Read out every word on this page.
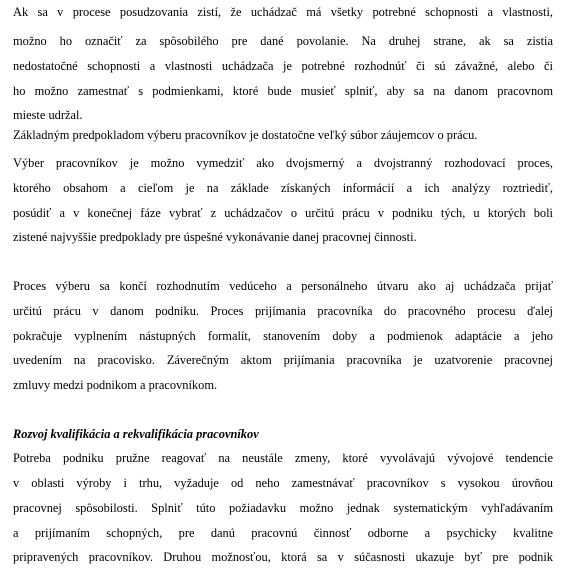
Ak sa v procese posudzovania zistí, že uchádzač má všetky potrebné schopnosti a vlastnosti,
možno ho označiť za spôsobilého pre dané povolanie. Na druhej strane, ak sa zistia
nedostatočné schopnosti a vlastnosti uchádzača je potrebné rozhodnúť či sú závažné, alebo či
ho možno zamestnať s podmienkami, ktoré bude musieť splniť, aby sa na danom pracovnom
mieste udržal.
Základným predpokladom výberu pracovníkov je dostatočne veľký súbor záujemcov o prácu.
Výber pracovníkov je možno vymedziť ako dvojsmerný a dvojstranný rozhodovací proces,
ktorého obsahom a cieľom je na základe získaných informácií a ich analýzy roztriediť,
posúdiť a v konečnej fáze vybrať z uchádzačov o určitú prácu v podniku tých, u ktorých boli
zistené najvyššie predpoklady pre úspešné vykonávanie danej pracovnej činnosti.
Proces výberu sa končí rozhodnutím vedúceho a personálneho útvaru ako aj uchádzača prijať
určitú prácu v danom podniku. Proces prijímania pracovníka do pracovného procesu ďalej
pokračuje vyplnením nástupných formalít, stanovením doby a podmienok adaptácie a jeho
uvedením na pracovisko. Záverečným aktom prijímania pracovníka je uzatvorenie pracovnej
zmluvy medzi podnikom a pracovníkom.
Rozvoj kvalifikácia a rekvalifikácia pracovníkov
Potreba podniku pružne reagovať na neustále zmeny, ktoré vyvolávajú vývojové tendencie
v oblasti výroby i trhu, vyžaduje od neho zamestnávať pracovníkov s vysokou úrovňou
pracovnej spôsobilosti. Splniť túto požiadavku možno jednak systematickým vyhľadávaním
a prijímaním schopných, pre danú pracovnú činnosť odborne a psychicky kvalitne
pripravených pracovníkov. Druhou možnosťou, ktorá sa v súčasnosti ukazuje byť pre podnik
